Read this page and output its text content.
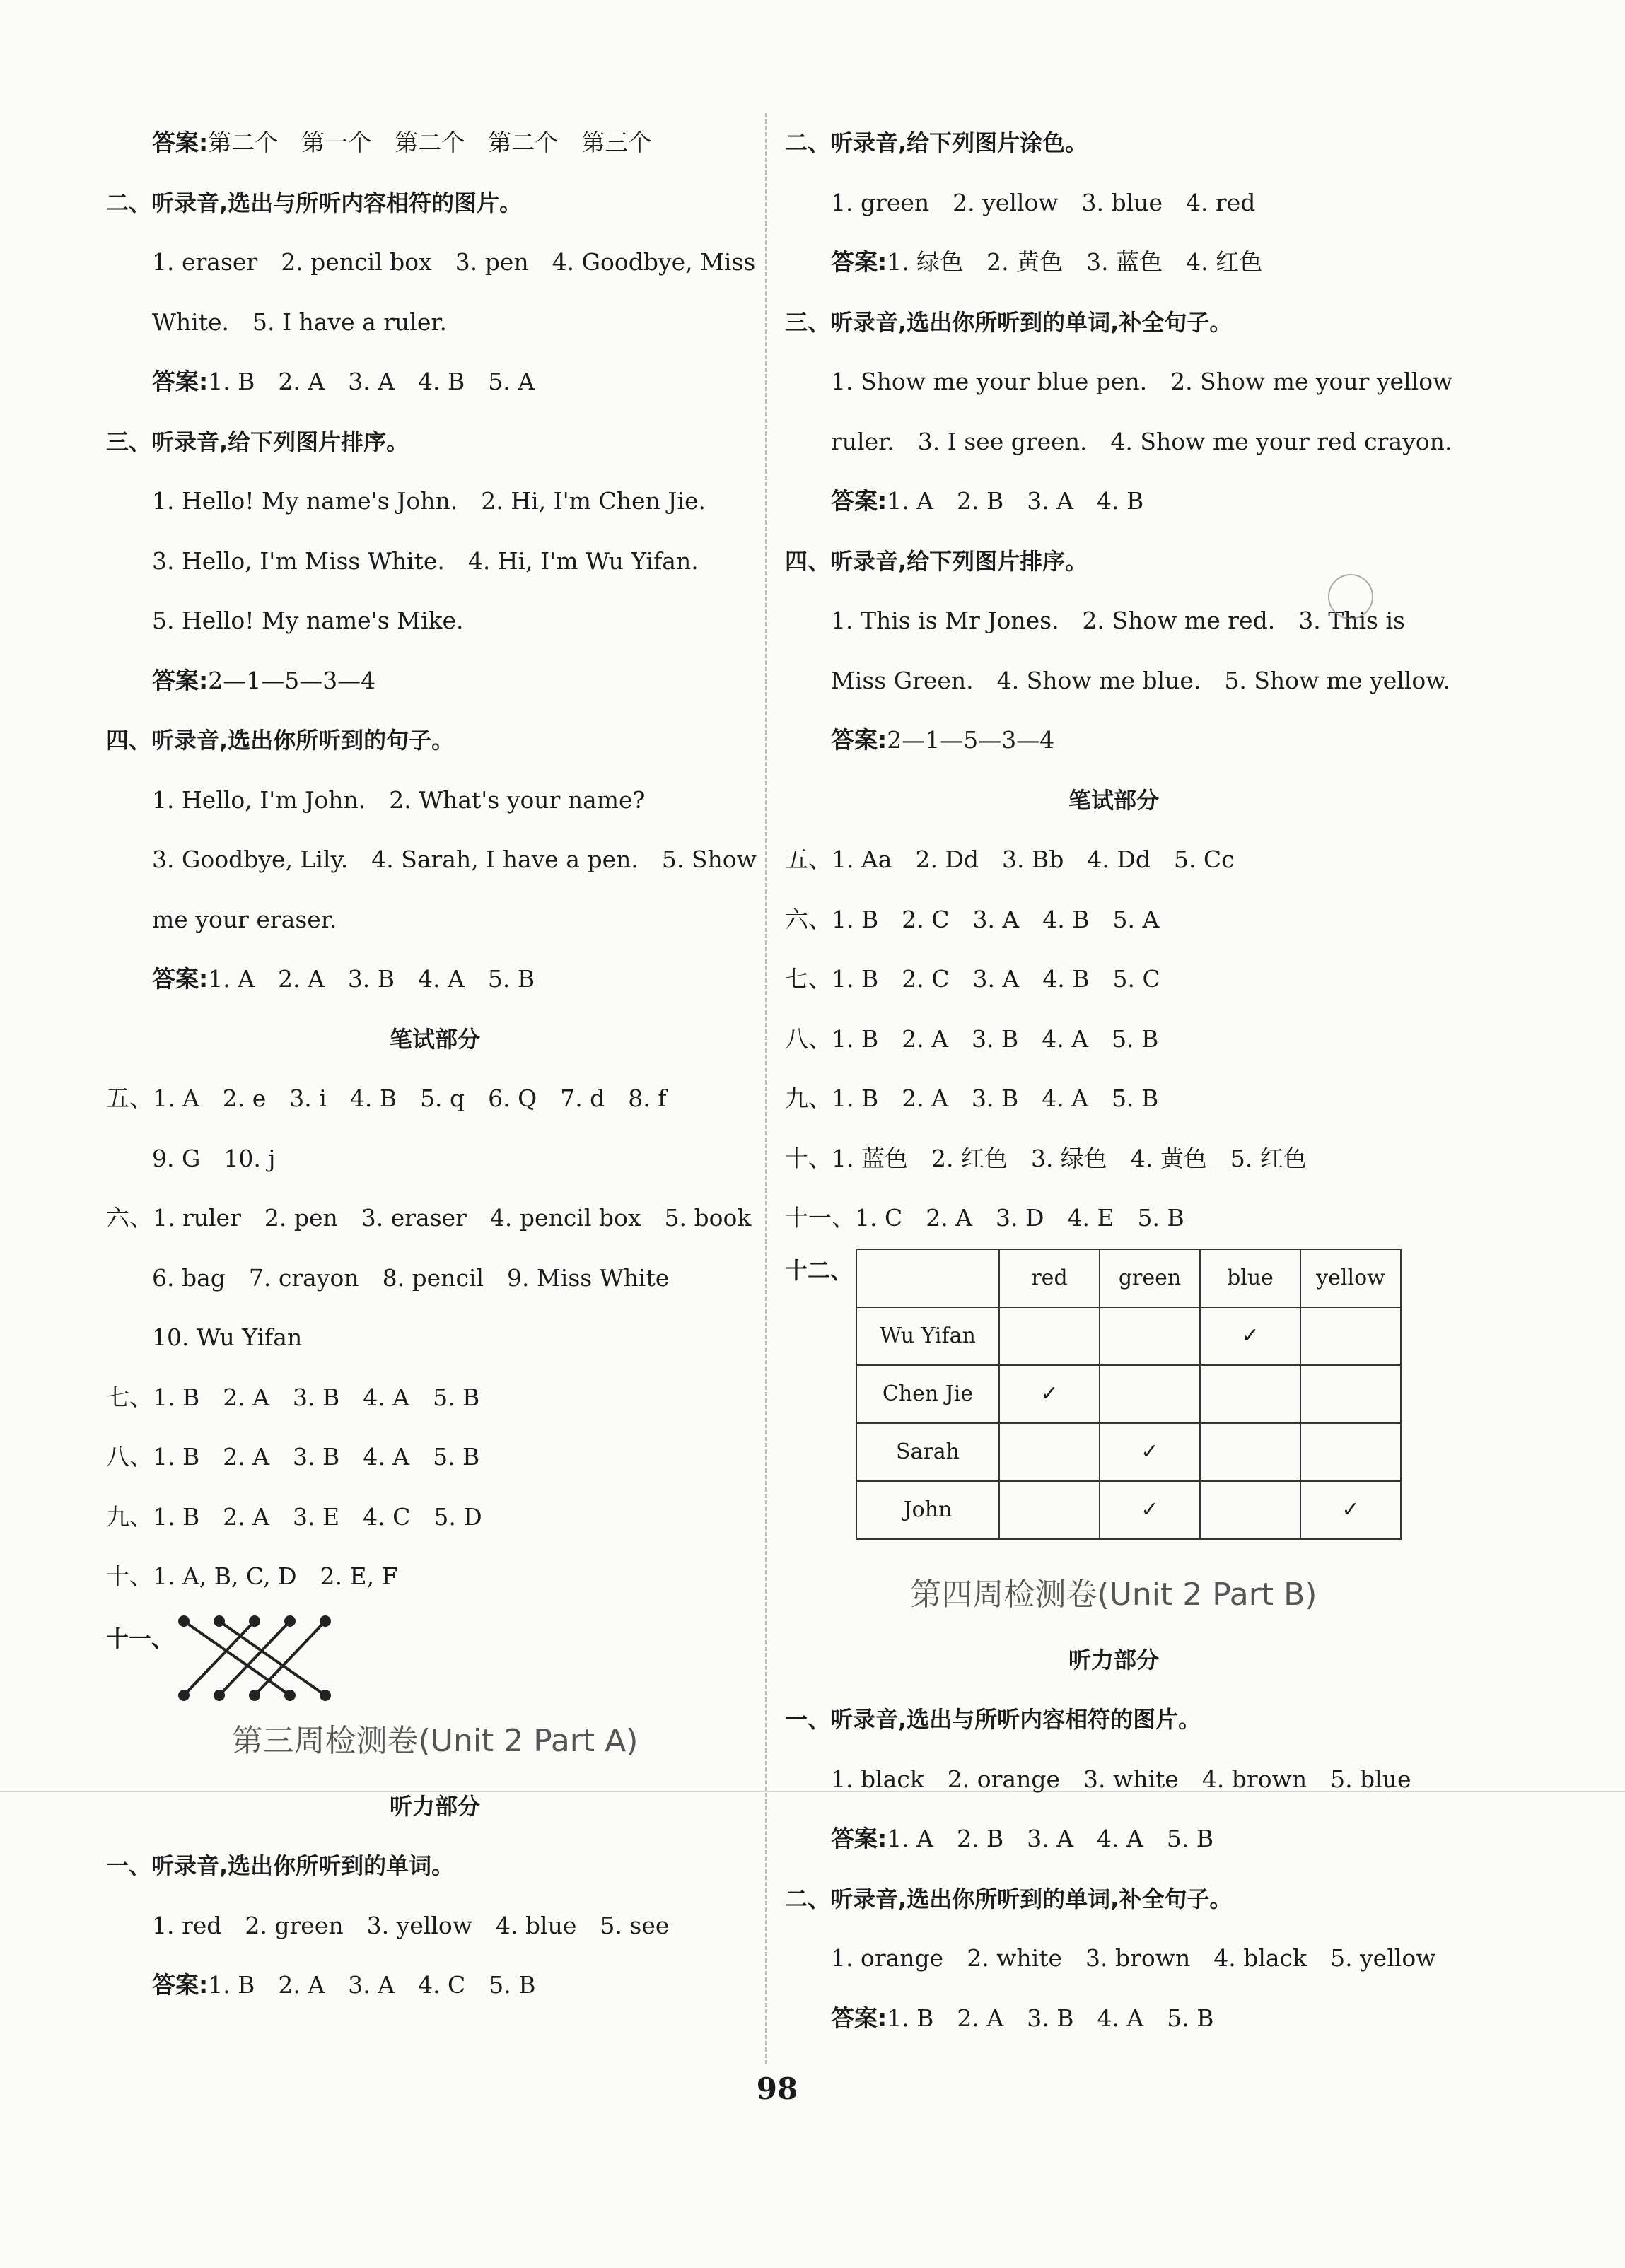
答案:第二个　第一个　第二个　第二个　第三个
二、听录音,选出与所听内容相符的图片。
1. eraser　2. pencil box　3. pen　4. Goodbye, Miss
White.　5. I have a ruler.
答案:1. B　2. A　3. A　4. B　5. A
三、听录音,给下列图片排序。
1. Hello! My name's John.　2. Hi, I'm Chen Jie.
3. Hello, I'm Miss White.　4. Hi, I'm Wu Yifan.
5. Hello! My name's Mike.
答案:2—1—5—3—4
四、听录音,选出你所听到的句子。
1. Hello, I'm John.　2. What's your name?
3. Goodbye, Lily.　4. Sarah, I have a pen.　5. Show
me your eraser.
答案:1. A　2. A　3. B　4. A　5. B
笔试部分
五、1. A　2. e　3. i　4. B　5. q　6. Q　7. d　8. f
9. G　10. j
六、1. ruler　2. pen　3. eraser　4. pencil box　5. book
6. bag　7. crayon　8. pencil　9. Miss White
10. Wu Yifan
七、1. B　2. A　3. B　4. A　5. B
八、1. B　2. A　3. B　4. A　5. B
九、1. B　2. A　3. E　4. C　5. D
十、1. A, B, C, D　2. E, F
十一、
第三周检测卷(Unit 2 Part A)
听力部分
一、听录音,选出你所听到的单词。
1. red　2. green　3. yellow　4. blue　5. see
答案:1. B　2. A　3. A　4. C　5. B
二、听录音,给下列图片涂色。
1. green　2. yellow　3. blue　4. red
答案:1. 绿色　2. 黄色　3. 蓝色　4. 红色
三、听录音,选出你所听到的单词,补全句子。
1. Show me your blue pen.　2. Show me your yellow
ruler.　3. I see green.　4. Show me your red crayon.
答案:1. A　2. B　3. A　4. B
四、听录音,给下列图片排序。
1. This is Mr Jones.　2. Show me red.　3. This is
Miss Green.　4. Show me blue.　5. Show me yellow.
答案:2—1—5—3—4
笔试部分
五、1. Aa　2. Dd　3. Bb　4. Dd　5. Cc
六、1. B　2. C　3. A　4. B　5. A
七、1. B　2. C　3. A　4. B　5. C
八、1. B　2. A　3. B　4. A　5. B
九、1. B　2. A　3. B　4. A　5. B
十、1. 蓝色　2. 红色　3. 绿色　4. 黄色　5. 红色
十一、1. C　2. A　3. D　4. E　5. B
十二、
		red	green	blue	yellow
Wu Yifan			✓	
Chen Jie	✓			
Sarah		✓		
John		✓		✓
第四周检测卷(Unit 2 Part B)
听力部分
一、听录音,选出与所听内容相符的图片。
1. black　2. orange　3. white　4. brown　5. blue
答案:1. A　2. B　3. A　4. A　5. B
二、听录音,选出你所听到的单词,补全句子。
1. orange　2. white　3. brown　4. black　5. yellow
答案:1. B　2. A　3. B　4. A　5. B
98
